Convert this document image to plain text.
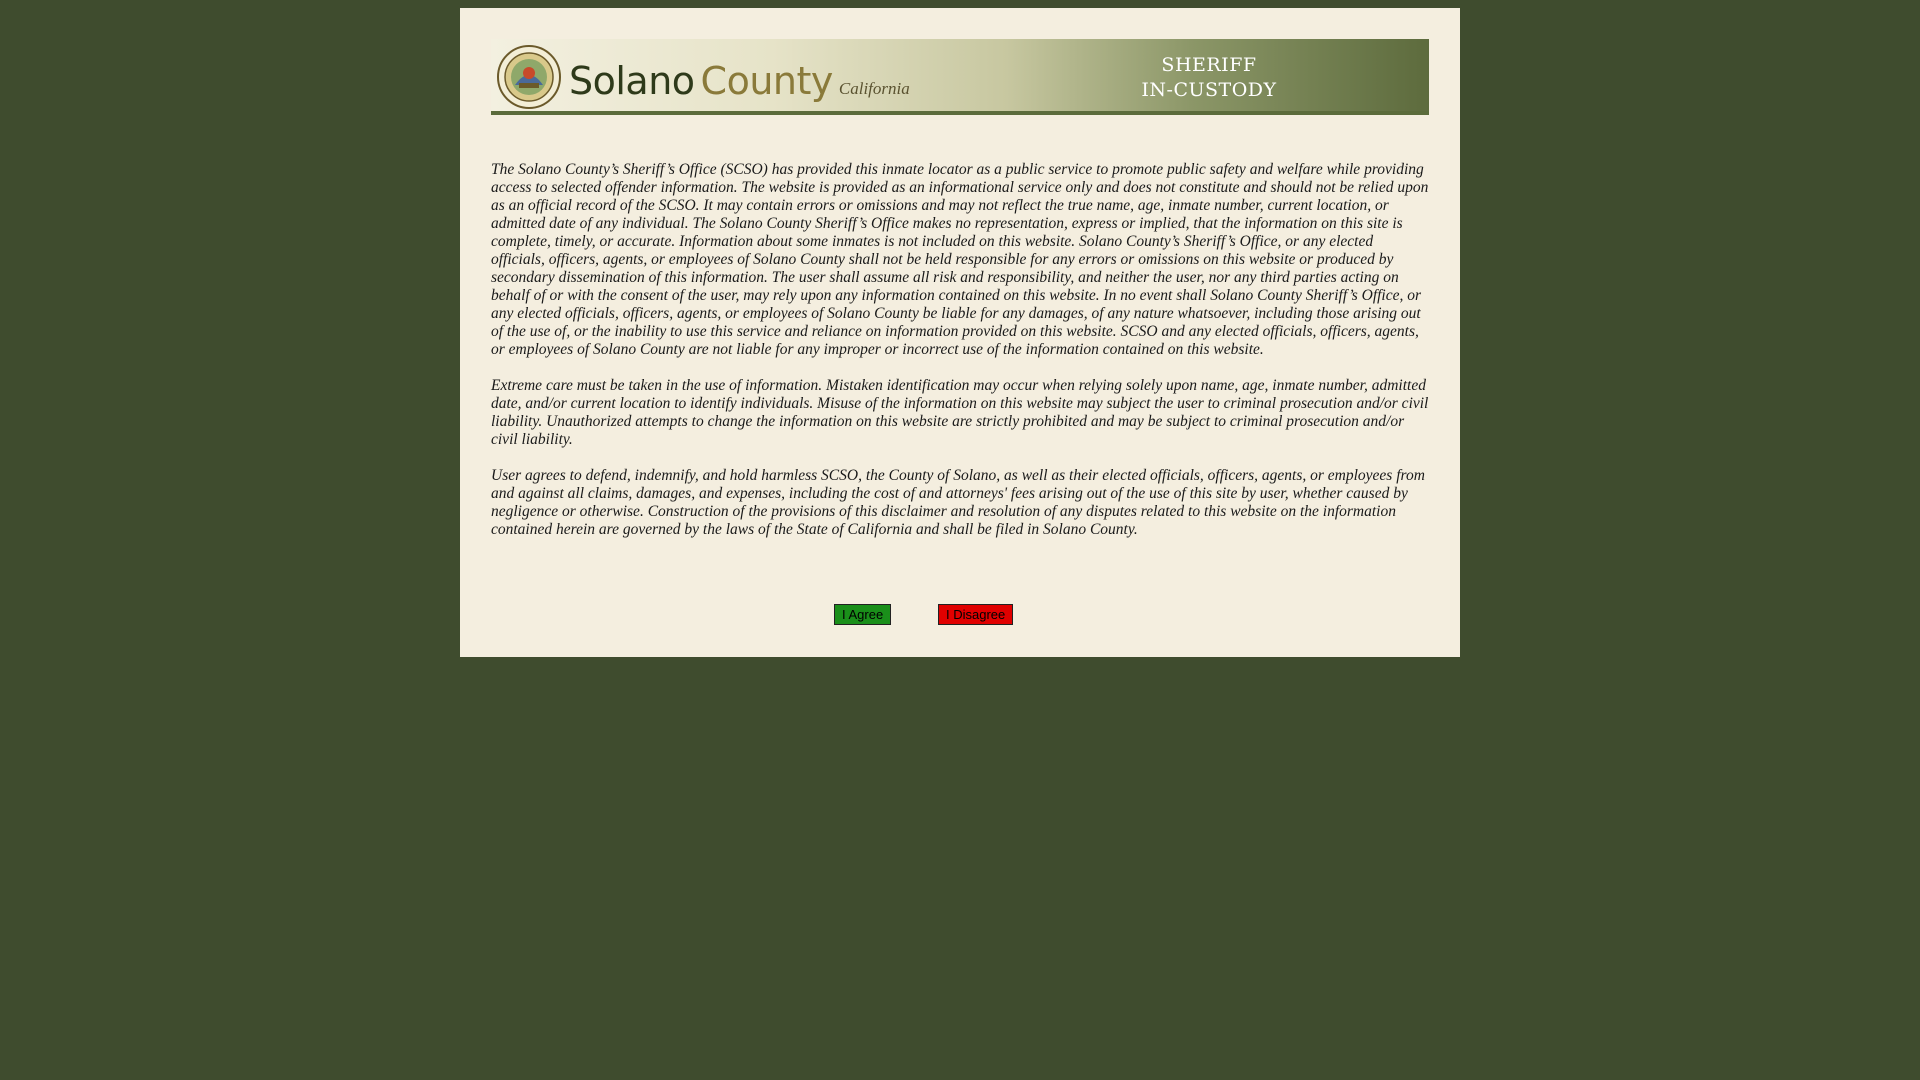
Solano County California
SHERIFF
IN-CUSTODY

The Solano County’s Sheriff’s Office (SCSO) has provided this inmate locator as a public service to promote public safety and welfare while providing access to selected offender information. The website is provided as an informational service only and does not constitute and should not be relied upon as an official record of the SCSO. It may contain errors or omissions and may not reflect the true name, age, inmate number, current location, or admitted date of any individual. The Solano County Sheriff’s Office makes no representation, express or implied, that the information on this site is complete, timely, or accurate. Information about some inmates is not included on this website. Solano County’s Sheriff’s Office, or any elected officials, officers, agents, or employees of Solano County shall not be held responsible for any errors or omissions on this website or produced by secondary dissemination of this information. The user shall assume all risk and responsibility, and neither the user, nor any third parties acting on behalf of or with the consent of the user, may rely upon any information contained on this website. In no event shall Solano County Sheriff’s Office, or any elected officials, officers, agents, or employees of Solano County be liable for any damages, of any nature whatsoever, including those arising out of the use of, or the inability to use this service and reliance on information provided on this website. SCSO and any elected officials, officers, agents, or employees of Solano County are not liable for any improper or incorrect use of the information contained on this website.

Extreme care must be taken in the use of information. Mistaken identification may occur when relying solely upon name, age, inmate number, admitted date, and/or current location to identify individuals. Misuse of the information on this website may subject the user to criminal prosecution and/or civil liability. Unauthorized attempts to change the information on this website are strictly prohibited and may be subject to criminal prosecution and/or civil liability.

User agrees to defend, indemnify, and hold harmless SCSO, the County of Solano, as well as their elected officials, officers, agents, or employees from and against all claims, damages, and expenses, including the cost of and attorneys' fees arising out of the use of this site by user, whether caused by negligence or otherwise. Construction of the provisions of this disclaimer and resolution of any disputes related to this website on the information contained herein are governed by the laws of the State of California and shall be filed in Solano County.

I Agree	I Disagree
